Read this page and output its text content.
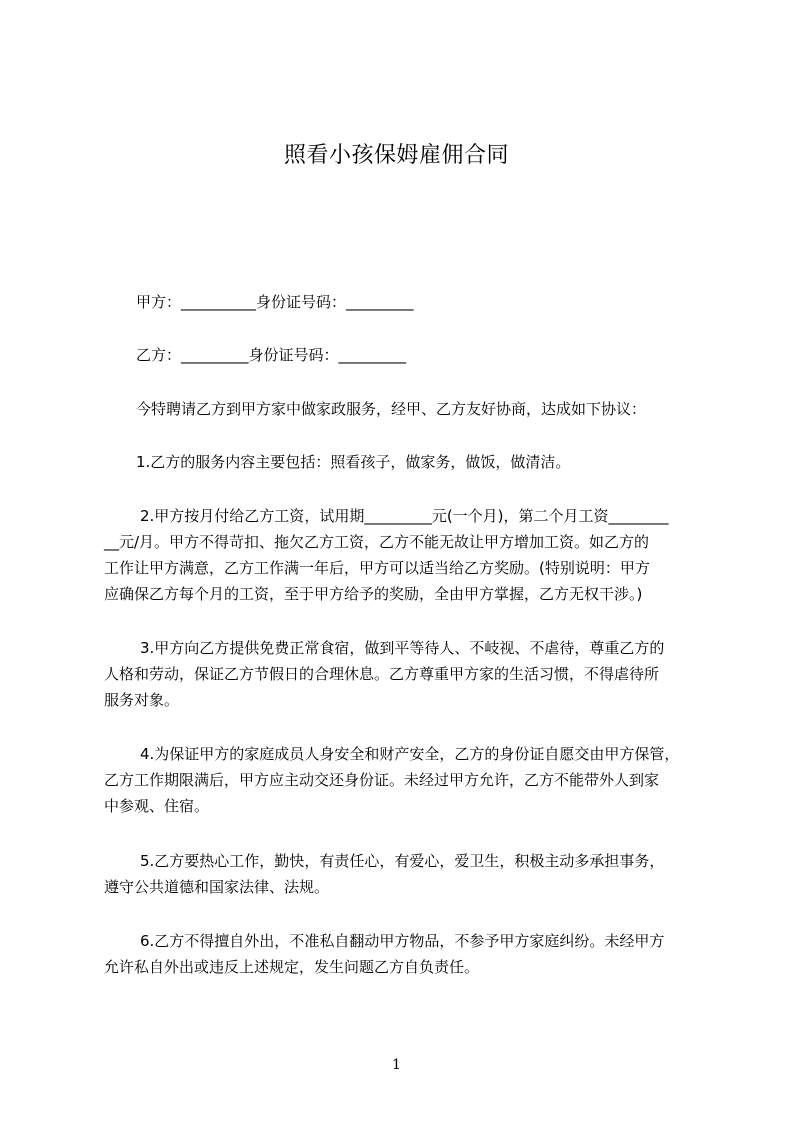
照看小孩保姆雇佣合同
甲方：__________身份证号码：_________
乙方：_________身份证号码：_________
今特聘请乙方到甲方家中做家政服务，经甲、乙方友好协商，达成如下协议：
1.乙方的服务内容主要包括：照看孩子，做家务，做饭，做清洁。
2.甲方按月付给乙方工资，试用期_________元(一个月)，第二个月工资________
__元/月。甲方不得苛扣、拖欠乙方工资，乙方不能无故让甲方增加工资。如乙方的
工作让甲方满意，乙方工作满一年后，甲方可以适当给乙方奖励。(特别说明：甲方
应确保乙方每个月的工资，至于甲方给予的奖励，全由甲方掌握，乙方无权干涉。)
3.甲方向乙方提供免费正常食宿，做到平等待人、不岐视、不虐待，尊重乙方的
人格和劳动，保证乙方节假日的合理休息。乙方尊重甲方家的生活习惯，不得虐待所
服务对象。
4.为保证甲方的家庭成员人身安全和财产安全，乙方的身份证自愿交由甲方保管，
乙方工作期限满后，甲方应主动交还身份证。未经过甲方允许，乙方不能带外人到家
中参观、住宿。
5.乙方要热心工作，勤快，有责任心，有爱心，爱卫生，积极主动多承担事务，
遵守公共道德和国家法律、法规。
6.乙方不得擅自外出，不准私自翻动甲方物品，不参予甲方家庭纠纷。未经甲方
允许私自外出或违反上述规定，发生问题乙方自负责任。
1
